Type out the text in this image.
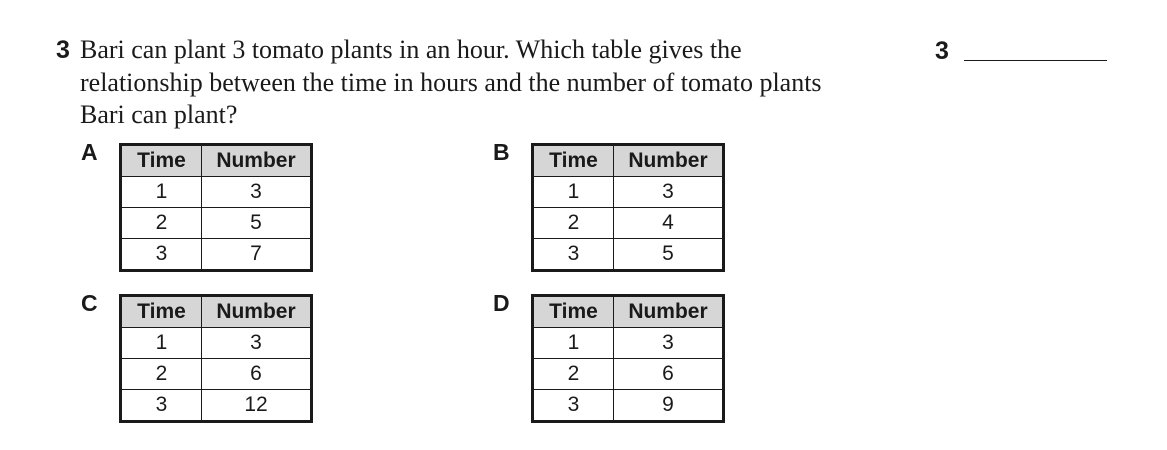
3 Bari can plant 3 tomato plants in an hour. Which table gives the
relationship between the time in hours and the number of tomato plants
Bari can plant?
3
A Time	Number
1	3
2	5
3	7
B Time	Number
1	3
2	4
3	5
C Time	Number
1	3
2	6
3	12
D Time	Number
1	3
2	6
3	9
